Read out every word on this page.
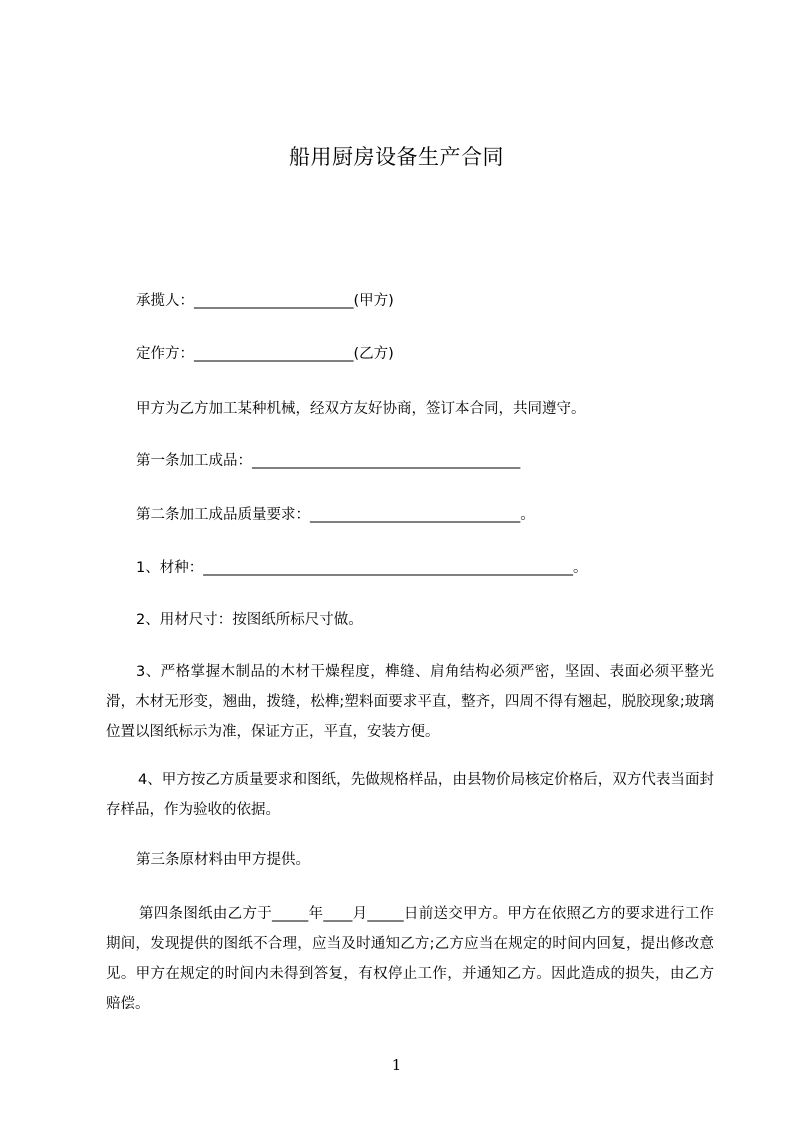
船用厨房设备生产合同
承揽人：______________________(甲方)
定作方：______________________(乙方)
甲方为乙方加工某种机械，经双方友好协商，签订本合同，共同遵守。
第一条加工成品：_____________________________________
第二条加工成品质量要求：_____________________________。
1、材种：___________________________________________________。
2、用材尺寸：按图纸所标尺寸做。
3、严格掌握木制品的木材干燥程度，榫缝、肩角结构必须严密，坚固、表面必须平整光滑，木材无形变，翘曲，拨缝，松榫;塑料面要求平直，整齐，四周不得有翘起，脱胶现象;玻璃位置以图纸标示为准，保证方正，平直，安装方便。
4、甲方按乙方质量要求和图纸，先做规格样品，由县物价局核定价格后，双方代表当面封存样品，作为验收的依据。
第三条原材料由甲方提供。
第四条图纸由乙方于_____年____月_____日前送交甲方。甲方在依照乙方的要求进行工作期间，发现提供的图纸不合理，应当及时通知乙方;乙方应当在规定的时间内回复，提出修改意见。甲方在规定的时间内未得到答复，有权停止工作，并通知乙方。因此造成的损失，由乙方赔偿。
1
